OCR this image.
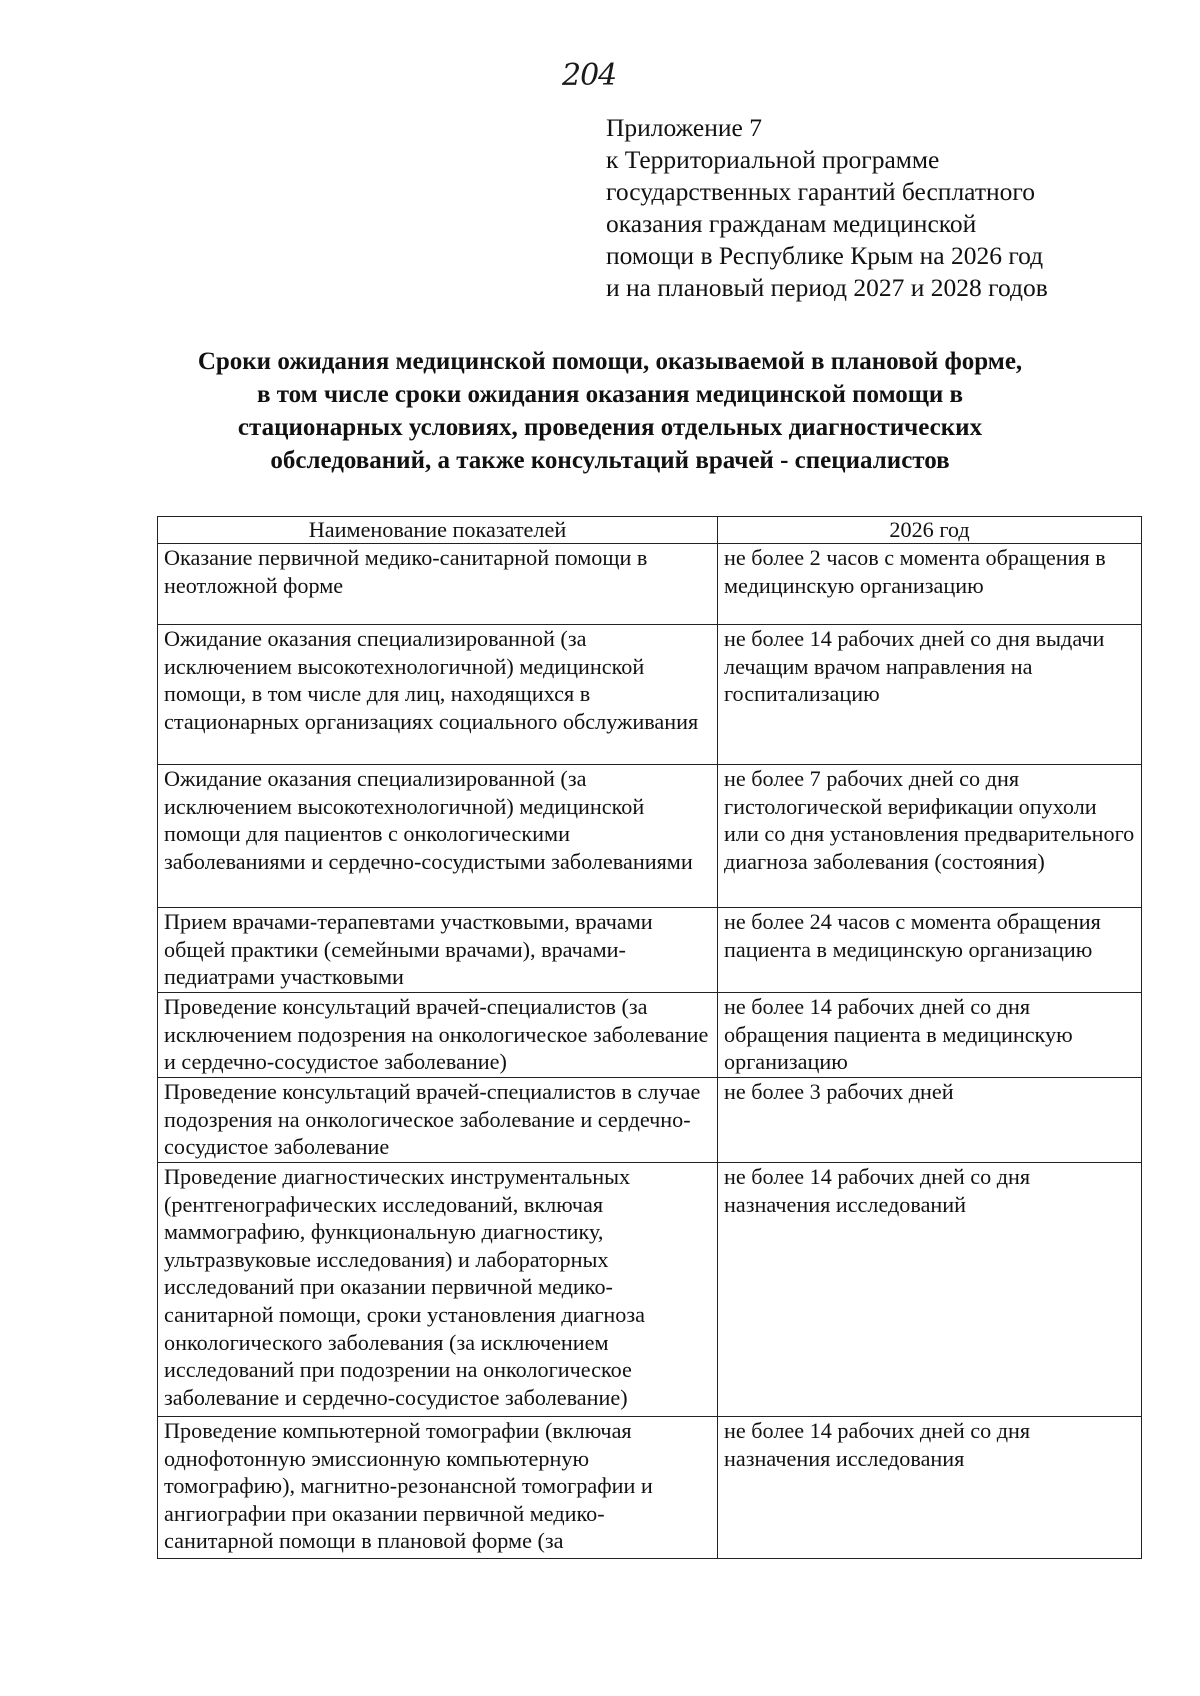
204
Приложение 7
к Территориальной программе
государственных гарантий бесплатного
оказания гражданам медицинской
помощи в Республике Крым на 2026 год
и на плановый период 2027 и 2028 годов
Сроки ожидания медицинской помощи, оказываемой в плановой форме,
в том числе сроки ожидания оказания медицинской помощи в
стационарных условиях, проведения отдельных диагностических
обследований, а также консультаций врачей - специалистов
Наименование показателей	2026 год
Оказание первичной медико-санитарной помощи в неотложной форме	не более 2 часов с момента обращения в медицинскую организацию
Ожидание оказания специализированной (за исключением высокотехнологичной) медицинской помощи, в том числе для лиц, находящихся в стационарных организациях социального обслуживания	не более 14 рабочих дней со дня выдачи лечащим врачом направления на госпитализацию
Ожидание оказания специализированной (за исключением высокотехнологичной) медицинской помощи для пациентов с онкологическими заболеваниями и сердечно-сосудистыми заболеваниями	не более 7 рабочих дней со дня гистологической верификации опухоли или со дня установления предварительного диагноза заболевания (состояния)
Прием врачами-терапевтами участковыми, врачами общей практики (семейными врачами), врачами-педиатрами участковыми	не более 24 часов с момента обращения пациента в медицинскую организацию
Проведение консультаций врачей-специалистов (за исключением подозрения на онкологическое заболевание и сердечно-сосудистое заболевание)	не более 14 рабочих дней со дня обращения пациента в медицинскую организацию
Проведение консультаций врачей-специалистов в случае подозрения на онкологическое заболевание и сердечно-сосудистое заболевание	не более 3 рабочих дней
Проведение диагностических инструментальных (рентгенографических исследований, включая маммографию, функциональную диагностику, ультразвуковые исследования) и лабораторных исследований при оказании первичной медико-санитарной помощи, сроки установления диагноза онкологического заболевания (за исключением исследований при подозрении на онкологическое заболевание и сердечно-сосудистое заболевание)	не более 14 рабочих дней со дня назначения исследований
Проведение компьютерной томографии (включая однофотонную эмиссионную компьютерную томографию), магнитно-резонансной томографии и ангиографии при оказании первичной медико-санитарной помощи в плановой форме (за	не более 14 рабочих дней со дня назначения исследования
